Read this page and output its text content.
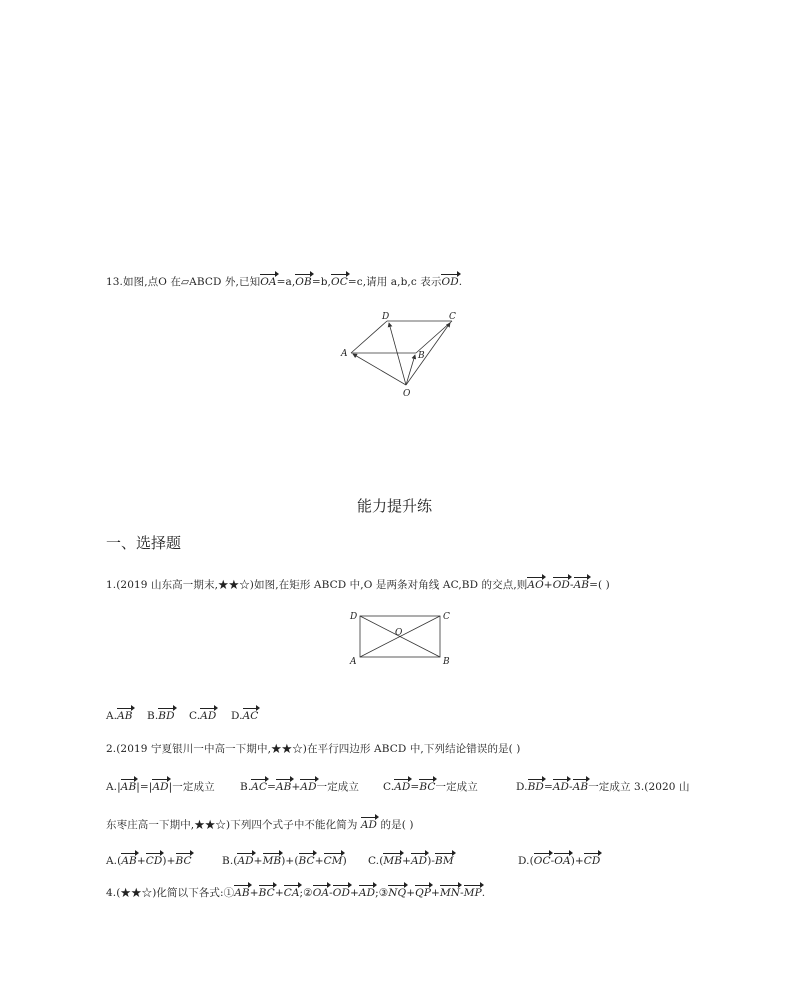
13.如图,点O 在▱ABCD 外,已知OA=a,OB=b,OC=c,请用 a,b,c 表示OD.
A	B
C
D
O
能力提升练
一、选择题
1.(2019 山东高一期末,★★☆)如图,在矩形 ABCD 中,O 是两条对角线 AC,BD 的交点,则AO+OD-AB=( )
A	B
C
D
O
A.AB B.BD C.AD D.AC
2.(2019 宁夏银川一中高一下期中,★★☆)在平行四边形 ABCD 中,下列结论错误的是( )
A.|AB|=|AD|一定成立 B.AC=AB+AD一定成立 C.AD=BC一定成立	D.BD=AD-AB一定成立 3.(2020 山
东枣庄高一下期中,★★☆)下列四个式子中不能化简为 AD 的是( )
A.(AB+CD)+BC	B.(AD+MB)+(BC+CM) C.(MB+AD)-BM	D.(OC-OA)+CD
4.(★★☆)化简以下各式:①AB+BC+CA;②OA-OD+AD;③NQ+QP+MN-MP.
